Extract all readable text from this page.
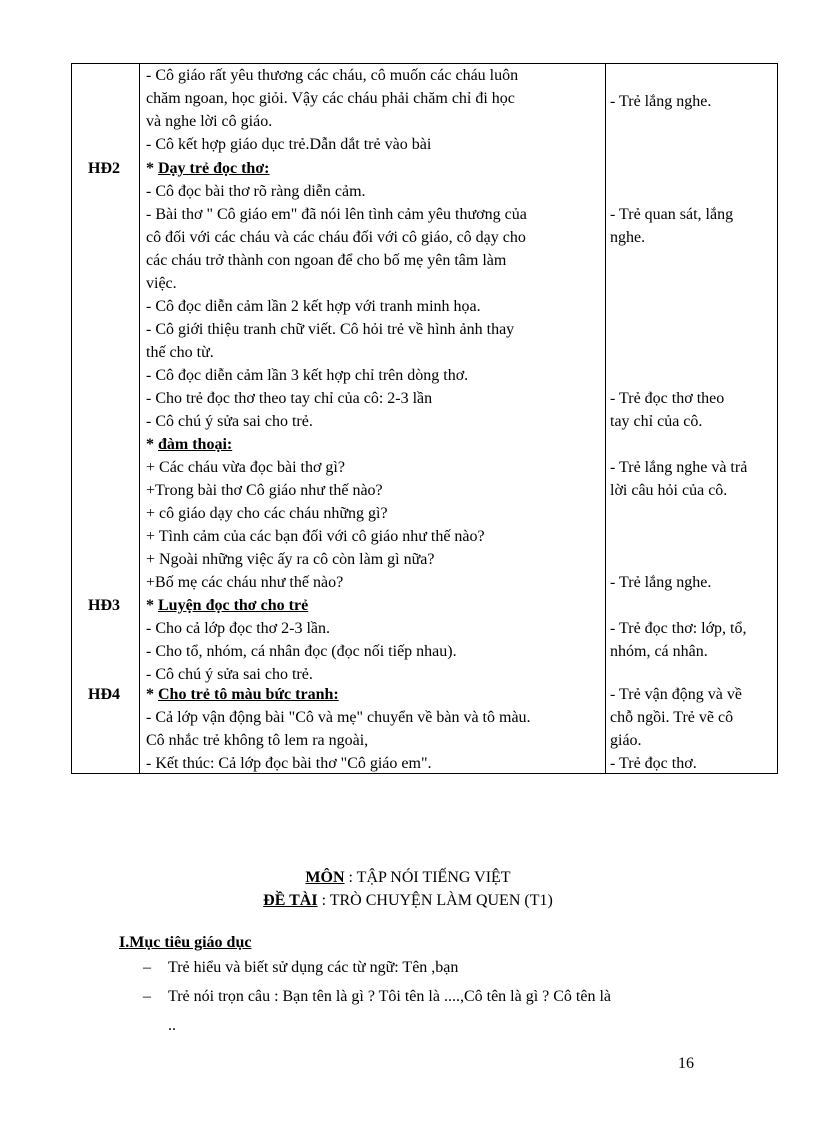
HĐ2
HĐ3
HĐ4
- Cô giáo rất yêu thương các cháu, cô muốn các cháu luôn
chăm ngoan, học giỏi. Vậy các cháu phải chăm chỉ đi học
và nghe lời cô giáo.
- Cô kết hợp giáo dục trẻ.Dẫn dắt trẻ vào bài
* Dạy trẻ đọc thơ:
- Cô đọc bài thơ rõ ràng diễn cảm.
- Bài thơ " Cô giáo em" đã nói lên tình cảm yêu thương của
cô đối với các cháu và các cháu đối với cô giáo, cô dạy cho
các cháu trở thành con ngoan để cho bố mẹ yên tâm làm
việc.
- Cô đọc diễn cảm lần 2 kết hợp với tranh minh họa.
- Cô giới thiệu tranh chữ viết. Cô hỏi trẻ về hình ảnh thay
thế cho từ.
- Cô đọc diễn cảm lần 3 kết hợp chỉ trên dòng thơ.
- Cho trẻ đọc thơ theo tay chỉ của cô: 2-3 lần
- Cô chú ý sửa sai cho trẻ.
* đàm thoại:
+ Các cháu vừa đọc bài thơ gì?
+Trong bài thơ Cô giáo như thế nào?
+ cô giáo dạy cho các cháu những gì?
+ Tình cảm của các bạn đối với cô giáo như thế nào?
+ Ngoài những việc ấy ra cô còn làm gì nữa?
+Bố mẹ các cháu như thế nào?
* Luyện đọc thơ cho trẻ
- Cho cả lớp đọc thơ 2-3 lần.
- Cho tổ, nhóm, cá nhân đọc (đọc nối tiếp nhau).
- Cô chú ý sửa sai cho trẻ.
* Cho trẻ tô màu bức tranh:
- Cả lớp vận động bài "Cô và mẹ" chuyển về bàn và tô màu.
Cô nhắc trẻ không tô lem ra ngoài,
- Kết thúc: Cả lớp đọc bài thơ "Cô giáo em".
- Trẻ lắng nghe.
- Trẻ quan sát, lắng
nghe.
- Trẻ đọc thơ theo
tay chỉ của cô.
- Trẻ lắng nghe và trả
lời câu hỏi của cô.
- Trẻ lắng nghe.
- Trẻ đọc thơ: lớp, tổ,
nhóm, cá nhân.
- Trẻ vận động và về
chỗ ngồi. Trẻ vẽ cô
giáo.
- Trẻ đọc thơ.
MÔN : TẬP NÓI TIẾNG VIỆT
ĐỀ TÀI : TRÒ CHUYỆN LÀM QUEN (T1)
I.Mục tiêu giáo dục
– Trẻ hiểu và biết sử dụng các từ ngữ: Tên ,bạn
– Trẻ nói trọn câu : Bạn tên là gì ? Tôi tên là ....,Cô tên là gì ? Cô tên là
..
16
